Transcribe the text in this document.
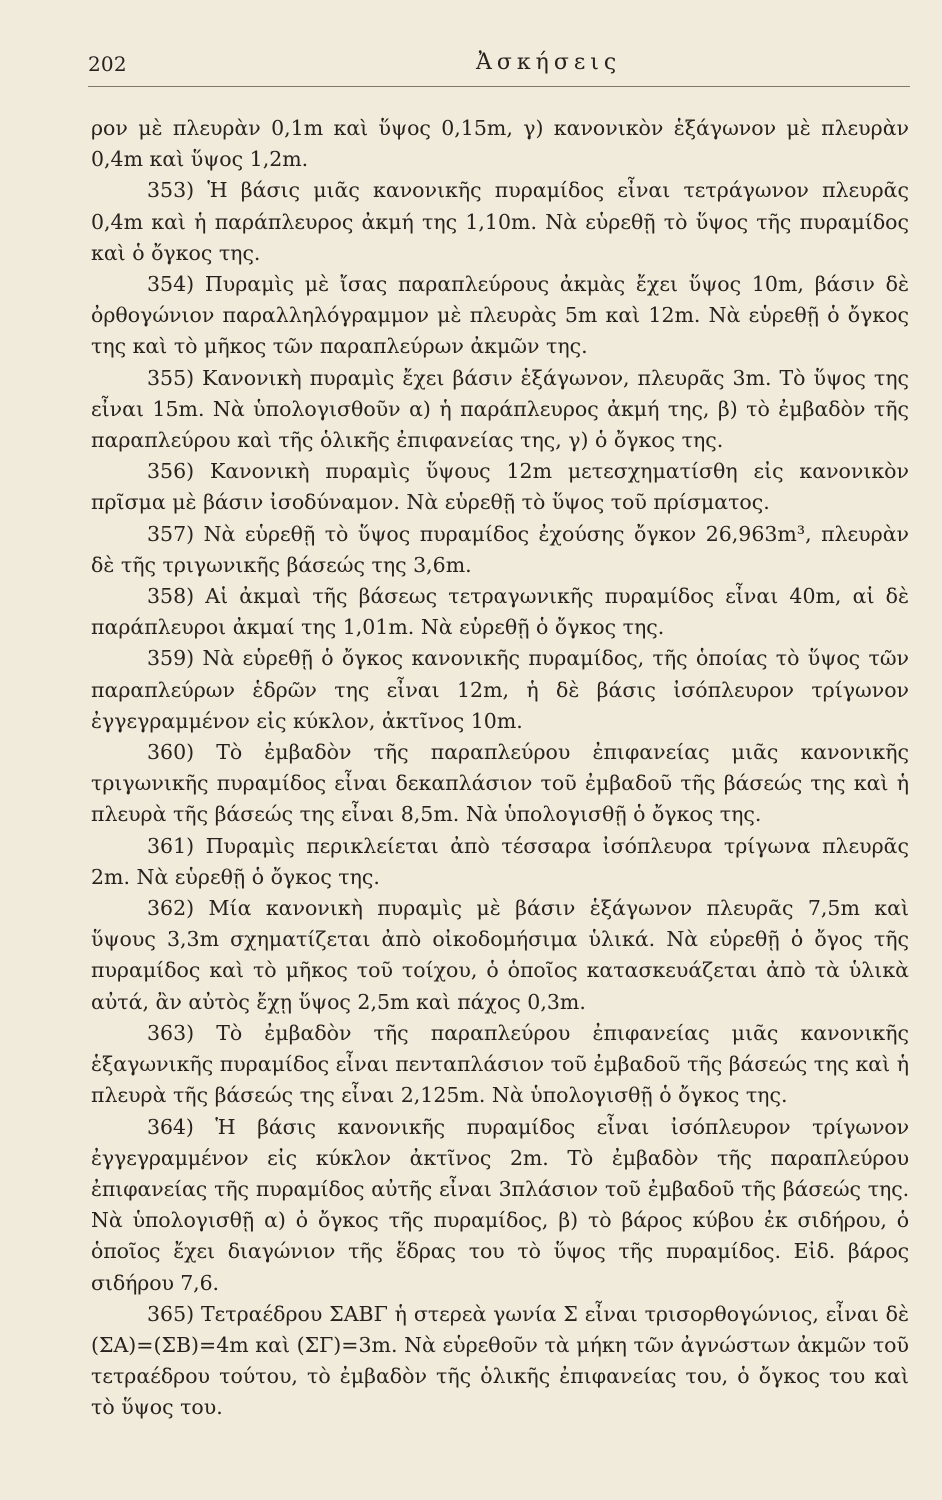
202	Ἀσκήσεις

ρον μὲ πλευρὰν 0,1m καὶ ὕψος 0,15m, γ) κανονικὸν ἑξάγωνον μὲ πλευρὰν 0,4m καὶ ὕψος 1,2m.

353) Ἡ βάσις μιᾶς κανονικῆς πυραμίδος εἶναι τετράγωνον πλευρᾶς 0,4m καὶ ἡ παράπλευρος ἀκμή της 1,10m. Νὰ εὑρεθῇ τὸ ὕψος τῆς πυραμίδος καὶ ὁ ὄγκος της.

354) Πυραμὶς μὲ ἴσας παραπλεύρους ἀκμὰς ἔχει ὕψος 10m, βάσιν δὲ ὀρθογώνιον παραλληλόγραμμον μὲ πλευρὰς 5m καὶ 12m. Νὰ εὑρεθῇ ὁ ὄγκος της καὶ τὸ μῆκος τῶν παραπλεύρων ἀκμῶν της.

355) Κανονικὴ πυραμὶς ἔχει βάσιν ἑξάγωνον, πλευρᾶς 3m. Τὸ ὕψος της εἶναι 15m. Νὰ ὑπολογισθοῦν α) ἡ παράπλευρος ἀκμή της, β) τὸ ἐμβαδὸν τῆς παραπλεύρου καὶ τῆς ὁλικῆς ἐπιφανείας της, γ) ὁ ὄγκος της.

356) Κανονικὴ πυραμὶς ὕψους 12m μετεσχηματίσθη εἰς κανονικὸν πρῖσμα μὲ βάσιν ἰσοδύναμον. Νὰ εὑρεθῇ τὸ ὕψος τοῦ πρίσματος.

357) Νὰ εὑρεθῇ τὸ ὕψος πυραμίδος ἐχούσης ὄγκον 26,963m³, πλευρὰν δὲ τῆς τριγωνικῆς βάσεώς της 3,6m.

358) Αἱ ἀκμαὶ τῆς βάσεως τετραγωνικῆς πυραμίδος εἶναι 40m, αἱ δὲ παράπλευροι ἀκμαί της 1,01m. Νὰ εὑρεθῇ ὁ ὄγκος της.

359) Νὰ εὑρεθῇ ὁ ὄγκος κανονικῆς πυραμίδος, τῆς ὁποίας τὸ ὕψος τῶν παραπλεύρων ἑδρῶν της εἶναι 12m, ἡ δὲ βάσις ἰσόπλευρον τρίγωνον ἐγγεγραμμένον εἰς κύκλον, ἀκτῖνος 10m.

360) Τὸ ἐμβαδὸν τῆς παραπλεύρου ἐπιφανείας μιᾶς κανονικῆς τριγωνικῆς πυραμίδος εἶναι δεκαπλάσιον τοῦ ἐμβαδοῦ τῆς βάσεώς της καὶ ἡ πλευρὰ τῆς βάσεώς της εἶναι 8,5m. Νὰ ὑπολογισθῇ ὁ ὄγκος της.

361) Πυραμὶς περικλείεται ἀπὸ τέσσαρα ἰσόπλευρα τρίγωνα πλευρᾶς 2m. Νὰ εὑρεθῇ ὁ ὄγκος της.

362) Μία κανονικὴ πυραμὶς μὲ βάσιν ἑξάγωνον πλευρᾶς 7,5m καὶ ὕψους 3,3m σχηματίζεται ἀπὸ οἰκοδομήσιμα ὑλικά. Νὰ εὑρεθῇ ὁ ὄγος τῆς πυραμίδος καὶ τὸ μῆκος τοῦ τοίχου, ὁ ὁποῖος κατασκευάζεται ἀπὸ τὰ ὑλικὰ αὐτά, ἂν αὐτὸς ἔχῃ ὕψος 2,5m καὶ πάχος 0,3m.

363) Τὸ ἐμβαδὸν τῆς παραπλεύρου ἐπιφανείας μιᾶς κανονικῆς ἑξαγωνικῆς πυραμίδος εἶναι πενταπλάσιον τοῦ ἐμβαδοῦ τῆς βάσεώς της καὶ ἡ πλευρὰ τῆς βάσεώς της εἶναι 2,125m. Νὰ ὑπολογισθῇ ὁ ὄγκος της.

364) Ἡ βάσις κανονικῆς πυραμίδος εἶναι ἰσόπλευρον τρίγωνον ἐγγεγραμμένον εἰς κύκλον ἀκτῖνος 2m. Τὸ ἐμβαδὸν τῆς παραπλεύρου ἐπιφανείας τῆς πυραμίδος αὐτῆς εἶναι 3πλάσιον τοῦ ἐμβαδοῦ τῆς βάσεώς της. Νὰ ὑπολογισθῇ α) ὁ ὄγκος τῆς πυραμίδος, β) τὸ βάρος κύβου ἐκ σιδήρου, ὁ ὁποῖος ἔχει διαγώνιον τῆς ἕδρας του τὸ ὕψος τῆς πυραμίδος. Εἰδ. βάρος σιδήρου 7,6.

365) Τετραέδρου ΣΑΒΓ ἡ στερεὰ γωνία Σ εἶναι τρισορθογώνιος, εἶναι δὲ (ΣΑ)=(ΣΒ)=4m καὶ (ΣΓ)=3m. Νὰ εὑρεθοῦν τὰ μήκη τῶν ἀγνώστων ἀκμῶν τοῦ τετραέδρου τούτου, τὸ ἐμβαδὸν τῆς ὁλικῆς ἐπιφανείας του, ὁ ὄγκος του καὶ τὸ ὕψος του.
